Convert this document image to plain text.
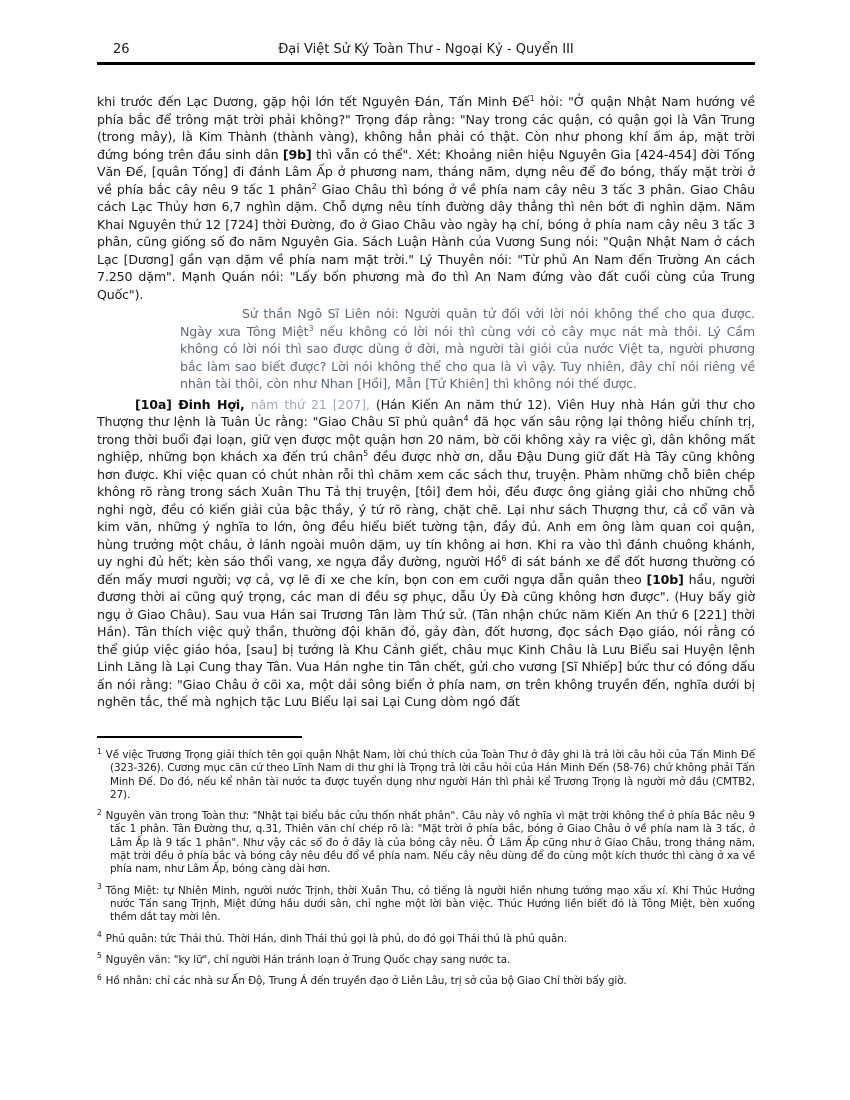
26	Đại Việt Sử Ký Toàn Thư - Ngoại Kỷ - Quyển III

khi trước đến Lạc Dương, gặp hội lớn tết Nguyên Đán, Tấn Minh Đế$^1$ hỏi: "Ở quận Nhật Nam hướng về phía bắc để trông mặt trời phải không?" Trọng đáp rằng: "Nay trong các quận, có quận gọi là Vân Trung (trong mây), là Kim Thành (thành vàng), không hẳn phải có thật. Còn như phong khí ấm áp, mặt trời đứng bóng trên đầu sinh dân [9b] thì vẫn có thể". Xét: Khoảng niên hiệu Nguyên Gia [424-454] đời Tống Văn Đế, [quân Tống] đi đánh Lâm Ấp ở phương nam, tháng năm, dựng nêu để đo bóng, thấy mặt trời ở về phía bắc cây nêu 9 tấc 1 phân$^2$ Giao Châu thì bóng ở về phía nam cây nêu 3 tấc 3 phân. Giao Châu cách Lạc Thủy hơn 6,7 nghìn dặm. Chỗ dựng nêu tính đường dây thẳng thì nên bớt đi nghìn dặm. Năm Khai Nguyên thứ 12 [724] thời Đường, đo ở Giao Châu vào ngày hạ chí, bóng ở phía nam cây nêu 3 tấc 3 phân, cũng giống số đo năm Nguyên Gia. Sách Luận Hành của Vương Sung nói: "Quận Nhật Nam ở cách Lạc [Dương] gần vạn dặm về phía nam mặt trời." Lý Thuyên nói: "Từ phủ An Nam đến Trường An cách 7.250 dặm". Mạnh Quán nói: "Lấy bốn phương mà đo thì An Nam đứng vào đất cuối cùng của Trung Quốc").

Sử thần Ngô Sĩ Liên nói: Người quân tử đối với lời nói không thể cho qua được. Ngày xưa Tông Miệt$^3$ nếu không có lời nói thì cùng với cỏ cây mục nát mà thôi. Lý Cầm không có lời nói thì sao được dùng ở đời, mà người tài giỏi của nước Việt ta, người phương bắc làm sao biết được? Lời nói không thể cho qua là vì vậy. Tuy nhiên, đây chỉ nói riêng về nhân tài thôi, còn như Nhan [Hồi], Mẫn [Tử Khiên] thì không nói thế được.

[10a] Đinh Hợi, năm thứ 21 [207], (Hán Kiến An năm thứ 12). Viên Huy nhà Hán gửi thư cho Thượng thư lệnh là Tuân Úc rằng: "Giao Châu Sĩ phủ quân$^4$ đã học vấn sâu rộng lại thông hiểu chính trị, trong thời buổi đại loạn, giữ vẹn được một quận hơn 20 năm, bờ cõi không xảy ra việc gì, dân không mất nghiệp, những bọn khách xa đến trú chân$^5$ đều được nhờ ơn, dẫu Đậu Dung giữ đất Hà Tây cũng không hơn được. Khi việc quan có chút nhàn rỗi thì chăm xem các sách thư, truyện. Phàm những chỗ biên chép không rõ ràng trong sách Xuân Thu Tả thị truyện, [tôi] đem hỏi, đều được ông giảng giải cho những chỗ nghi ngờ, đều có kiến giải của bậc thầy, ý tứ rõ ràng, chặt chẽ. Lại như sách Thượng thư, cả cổ văn và kim văn, những ý nghĩa to lớn, ông đều hiểu biết tường tận, đầy đủ. Anh em ông làm quan coi quận, hùng trưởng một châu, ở lánh ngoài muôn dặm, uy tín không ai hơn. Khi ra vào thì đánh chuông khánh, uy nghi đủ hết; kèn sáo thổi vang, xe ngựa đầy đường, người Hồ$^6$ đi sát bánh xe để đốt hương thường có đến mấy mươi người; vợ cả, vợ lẽ đi xe che kín, bọn con em cưỡi ngựa dẫn quân theo [10b] hầu, người đương thời ai cũng quý trọng, các man di đều sợ phục, dẫu Úy Đà cũng không hơn được". (Huy bấy giờ ngụ ở Giao Châu). Sau vua Hán sai Trương Tân làm Thứ sử. (Tân nhận chức năm Kiến An thứ 6 [221] thời Hán). Tân thích việc quỷ thần, thường đội khăn đỏ, gảy đàn, đốt hương, đọc sách Đạo giáo, nói rằng có thể giúp việc giáo hóa, [sau] bị tướng là Khu Cảnh giết, châu mục Kinh Châu là Lưu Biểu sai Huyện lệnh Linh Lăng là Lại Cung thay Tân. Vua Hán nghe tin Tân chết, gửi cho vương [Sĩ Nhiếp] bức thư có đóng dấu ấn nói rằng: "Giao Châu ở cõi xa, một dải sông biển ở phía nam, ơn trên không truyền đến, nghĩa dưới bị nghẽn tắc, thế mà nghịch tặc Lưu Biểu lại sai Lại Cung dòm ngó đất

$^1$ Về việc Trương Trọng giải thích tên gọi quận Nhật Nam, lời chú thích của Toàn Thư ở đây ghi là trả lời câu hỏi của Tấn Minh Đế (323-326). Cương mục căn cứ theo Lĩnh Nam di thư ghi là Trọng trả lời câu hỏi của Hán Minh Đến (58-76) chứ không phải Tấn Minh Đế. Do đó, nếu kể nhân tài nước ta được tuyển dụng như người Hán thì phải kể Trương Trọng là người mở đầu (CMTB2, 27).
$^2$ Nguyên văn trong Toàn thư: "Nhật tại biểu bắc cửu thốn nhất phân". Câu này vô nghĩa vì mặt trời không thể ở phía Bắc nêu 9 tấc 1 phân. Tân Đường thư, q.31, Thiên văn chí chép rõ là: "Mặt trời ở phía bắc, bóng ở Giao Châu ở về phía nam là 3 tấc, ở Lâm Ấp là 9 tấc 1 phân". Như vậy các số đo ở đây là của bóng cây nêu. Ở Lâm Ấp cũng như ở Giao Châu, trong tháng năm, mặt trời đều ở phía bắc và bóng cây nêu đều đổ về phía nam. Nếu cây nêu dùng để đo cùng một kích thước thì càng ở xa về phía nam, như Lâm Ấp, bóng càng dài hơn.
$^3$ Tông Miệt: tự Nhiên Minh, người nước Trịnh, thời Xuân Thu, có tiếng là người hiền nhưng tướng mạo xấu xí. Khi Thúc Hướng nước Tấn sang Trịnh, Miệt đứng hầu dưới sân, chỉ nghe một lời bàn việc. Thúc Hướng liền biết đó là Tông Miệt, bèn xuống thềm dắt tay mời lên.
$^4$ Phủ quân: tức Thái thú. Thời Hán, dinh Thái thú gọi là phủ, do đó gọi Thái thú là phủ quân.
$^5$ Nguyên văn: "ky lữ", chỉ người Hán tránh loạn ở Trung Quốc chạy sang nước ta.
$^6$ Hồ nhân: chỉ các nhà sư Ấn Độ, Trung Á đến truyền đạo ở Liên Lâu, trị sở của bộ Giao Chỉ thời bấy giờ.
